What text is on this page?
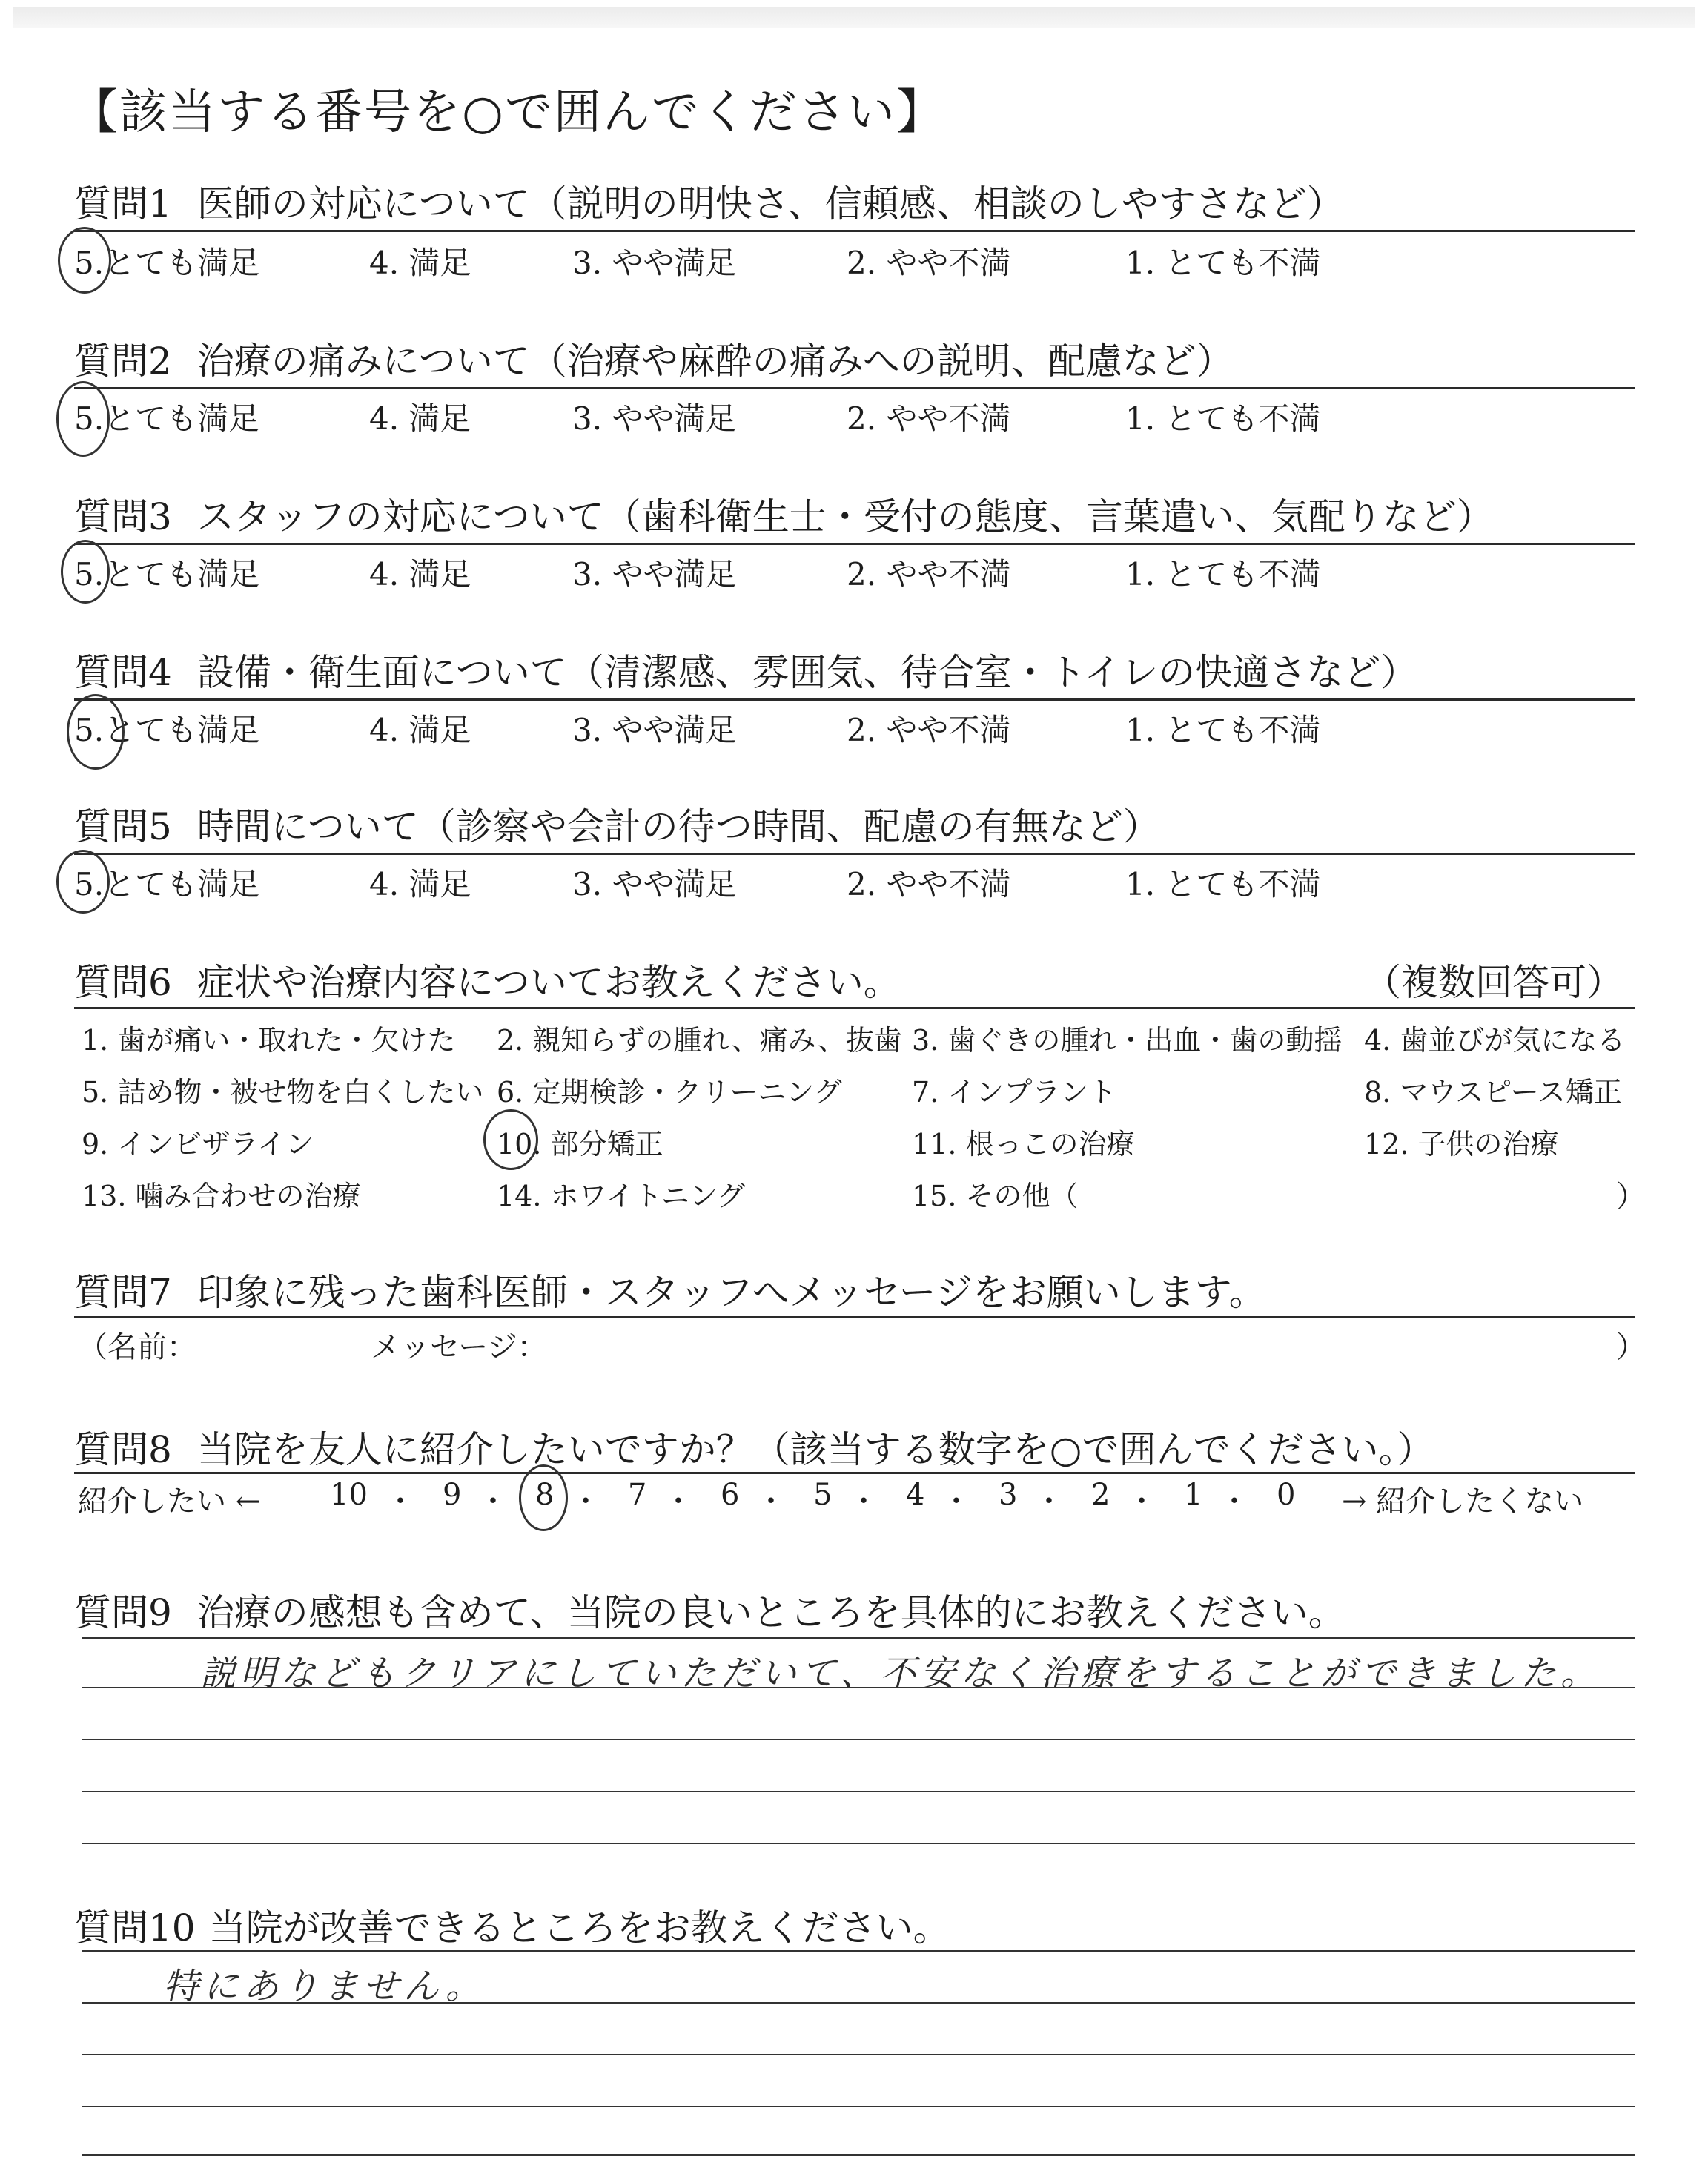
【該当する番号を○で囲んでください】
質問1 医師の対応について（説明の明快さ、信頼感、相談のしやすさなど）
5.とても満足	4. 満足	3. やや満足	2. やや不満	1. とても不満
質問2 治療の痛みについて（治療や麻酔の痛みへの説明、配慮など）
5.とても満足	4. 満足	3. やや満足	2. やや不満	1. とても不満
質問3 スタッフの対応について（歯科衛生士・受付の態度、言葉遣い、気配りなど）
5.とても満足	4. 満足	3. やや満足	2. やや不満	1. とても不満
質問4 設備・衛生面について（清潔感、雰囲気、待合室・トイレの快適さなど）
5.とても満足	4. 満足	3. やや満足	2. やや不満	1. とても不満
質問5 時間について（診察や会計の待つ時間、配慮の有無など）
5.とても満足	4. 満足	3. やや満足	2. やや不満	1. とても不満
質問6 症状や治療内容についてお教えください。	（複数回答可）
1. 歯が痛い・取れた・欠けた 2. 親知らずの腫れ、痛み、抜歯 3. 歯ぐきの腫れ・出血・歯の動揺 4. 歯並びが気になる
5. 詰め物・被せ物を白くしたい 6. 定期検診・クリーニング 7. インプラント	8. マウスピース矯正
9. インビザライン	10. 部分矯正	11. 根っこの治療	12. 子供の治療
13. 噛み合わせの治療	14. ホワイトニング	15. その他（	）
質問7 印象に残った歯科医師・スタッフへメッセージをお願いします。
（名前：	メッセージ：	）
質問8 当院を友人に紹介したいですか？（該当する数字を○で囲んでください。）
紹介したい ← 10 ・ 9 ・ 8 ・ 7 ・ 6 ・ 5 ・ 4 ・ 3 ・ 2 ・ 1 ・ 0 → 紹介したくない
質問9 治療の感想も含めて、当院の良いところを具体的にお教えください。
説明などもクリアにしていただいて、不安なく治療をすることができました。
質問10 当院が改善できるところをお教えください。
特にありません。
